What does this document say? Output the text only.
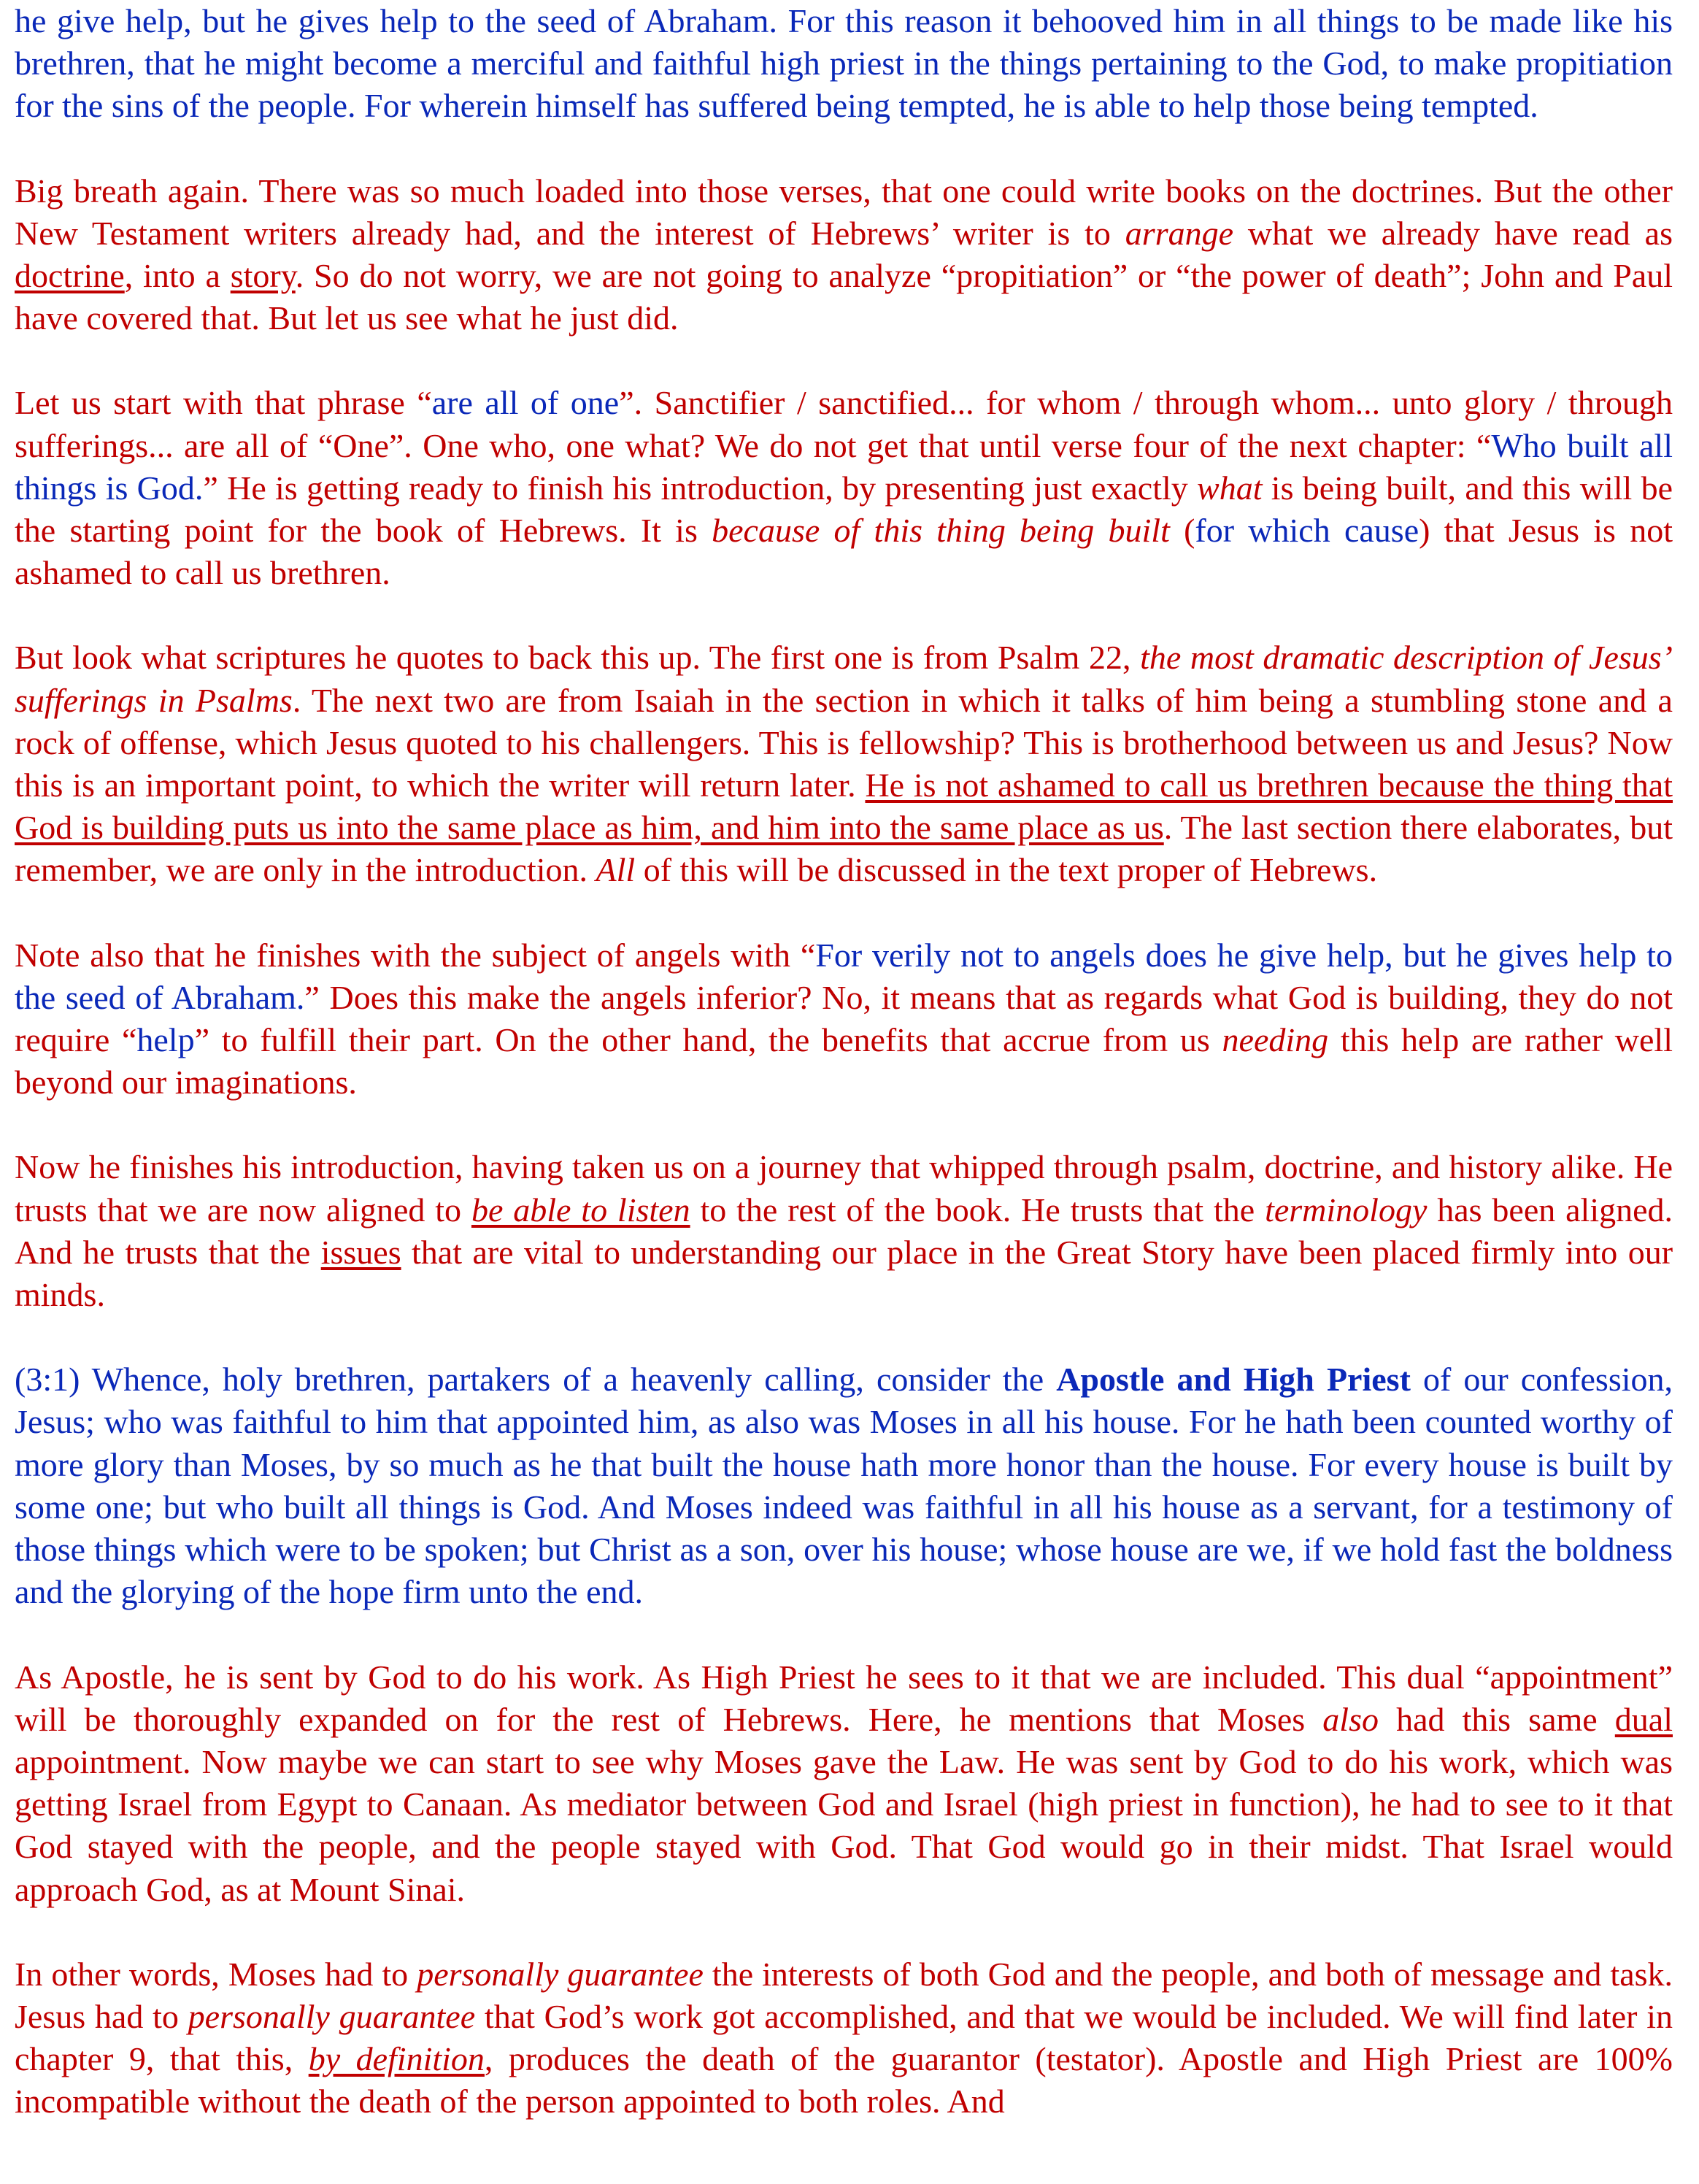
he give help, but he gives help to the seed of Abraham. For this reason it behooved him in all things to be made like his brethren, that he might become a merciful and faithful high priest in the things pertaining to the God, to make propitiation for the sins of the people. For wherein himself has suffered being tempted, he is able to help those being tempted.

Big breath again. There was so much loaded into those verses, that one could write books on the doctrines. But the other New Testament writers already had, and the interest of Hebrews’ writer is to arrange what we already have read as doctrine, into a story. So do not worry, we are not going to analyze “propitiation” or “the power of death”; John and Paul have covered that. But let us see what he just did.

Let us start with that phrase “are all of one”. Sanctifier / sanctified... for whom / through whom... unto glory / through sufferings... are all of “One”. One who, one what? We do not get that until verse four of the next chapter: “Who built all things is God.” He is getting ready to finish his introduction, by presenting just exactly what is being built, and this will be the starting point for the book of Hebrews. It is because of this thing being built (for which cause) that Jesus is not ashamed to call us brethren.

But look what scriptures he quotes to back this up. The first one is from Psalm 22, the most dramatic description of Jesus’ sufferings in Psalms. The next two are from Isaiah in the section in which it talks of him being a stumbling stone and a rock of offense, which Jesus quoted to his challengers. This is fellowship? This is brotherhood between us and Jesus? Now this is an important point, to which the writer will return later. He is not ashamed to call us brethren because the thing that God is building puts us into the same place as him, and him into the same place as us. The last section there elaborates, but remember, we are only in the introduction. All of this will be discussed in the text proper of Hebrews.

Note also that he finishes with the subject of angels with “For verily not to angels does he give help, but he gives help to the seed of Abraham.” Does this make the angels inferior? No, it means that as regards what God is building, they do not require “help” to fulfill their part. On the other hand, the benefits that accrue from us needing this help are rather well beyond our imaginations.

Now he finishes his introduction, having taken us on a journey that whipped through psalm, doctrine, and history alike. He trusts that we are now aligned to be able to listen to the rest of the book. He trusts that the terminology has been aligned. And he trusts that the issues that are vital to understanding our place in the Great Story have been placed firmly into our minds.

(3:1) Whence, holy brethren, partakers of a heavenly calling, consider the Apostle and High Priest of our confession, Jesus; who was faithful to him that appointed him, as also was Moses in all his house. For he hath been counted worthy of more glory than Moses, by so much as he that built the house hath more honor than the house. For every house is built by some one; but who built all things is God. And Moses indeed was faithful in all his house as a servant, for a testimony of those things which were to be spoken; but Christ as a son, over his house; whose house are we, if we hold fast the boldness and the glorying of the hope firm unto the end.

As Apostle, he is sent by God to do his work. As High Priest he sees to it that we are included. This dual “appointment” will be thoroughly expanded on for the rest of Hebrews. Here, he mentions that Moses also had this same dual appointment. Now maybe we can start to see why Moses gave the Law. He was sent by God to do his work, which was getting Israel from Egypt to Canaan. As mediator between God and Israel (high priest in function), he had to see to it that God stayed with the people, and the people stayed with God. That God would go in their midst. That Israel would approach God, as at Mount Sinai.

In other words, Moses had to personally guarantee the interests of both God and the people, and both of message and task. Jesus had to personally guarantee that God’s work got accomplished, and that we would be included. We will find later in chapter 9, that this, by definition, produces the death of the guarantor (testator). Apostle and High Priest are 100% incompatible without the death of the person appointed to both roles. And
